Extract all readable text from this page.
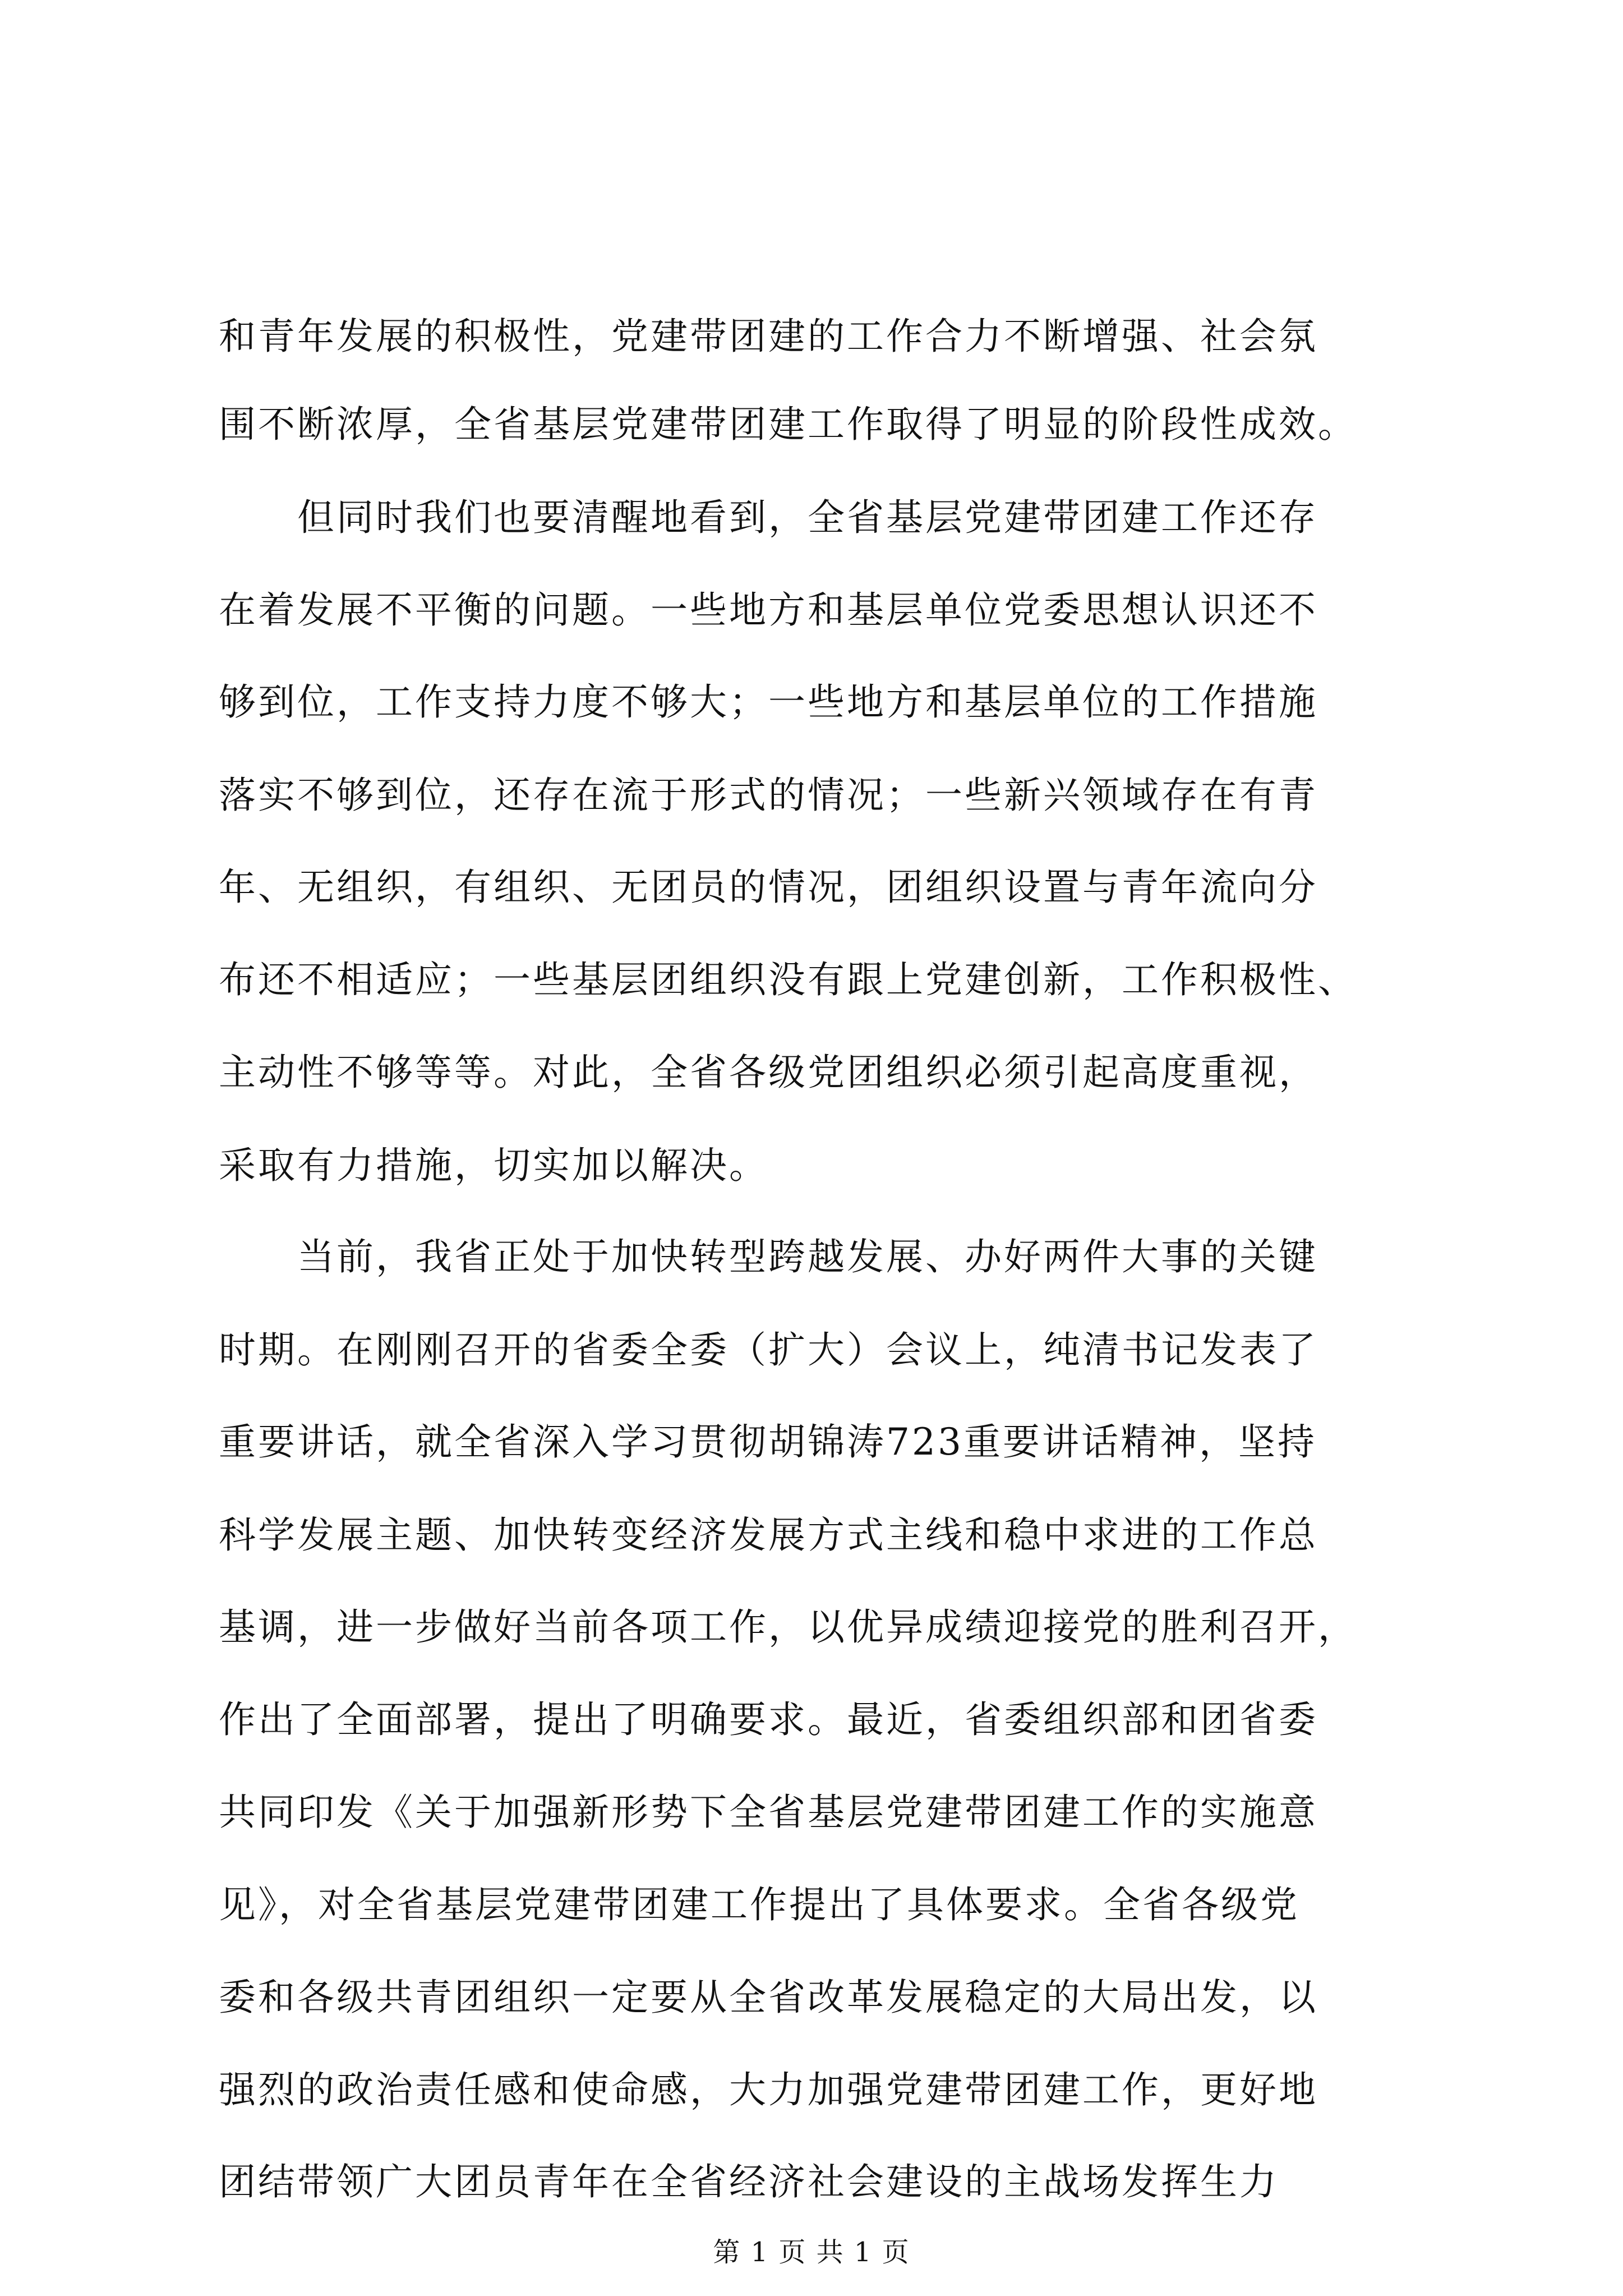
和青年发展的积极性，党建带团建的工作合力不断增强、社会氛
围不断浓厚，全省基层党建带团建工作取得了明显的阶段性成效。
　　但同时我们也要清醒地看到，全省基层党建带团建工作还存
在着发展不平衡的问题。一些地方和基层单位党委思想认识还不
够到位，工作支持力度不够大；一些地方和基层单位的工作措施
落实不够到位，还存在流于形式的情况；一些新兴领域存在有青
年、无组织，有组织、无团员的情况，团组织设置与青年流向分
布还不相适应；一些基层团组织没有跟上党建创新，工作积极性、
主动性不够等等。对此，全省各级党团组织必须引起高度重视，
采取有力措施，切实加以解决。
　　当前，我省正处于加快转型跨越发展、办好两件大事的关键
时期。在刚刚召开的省委全委（扩大）会议上，纯清书记发表了
重要讲话，就全省深入学习贯彻胡锦涛723重要讲话精神，坚持
科学发展主题、加快转变经济发展方式主线和稳中求进的工作总
基调，进一步做好当前各项工作，以优异成绩迎接党的胜利召开，
作出了全面部署，提出了明确要求。最近，省委组织部和团省委
共同印发《关于加强新形势下全省基层党建带团建工作的实施意
见》，对全省基层党建带团建工作提出了具体要求。全省各级党
委和各级共青团组织一定要从全省改革发展稳定的大局出发，以
强烈的政治责任感和使命感，大力加强党建带团建工作，更好地
团结带领广大团员青年在全省经济社会建设的主战场发挥生力
第 1 页 共 1 页
